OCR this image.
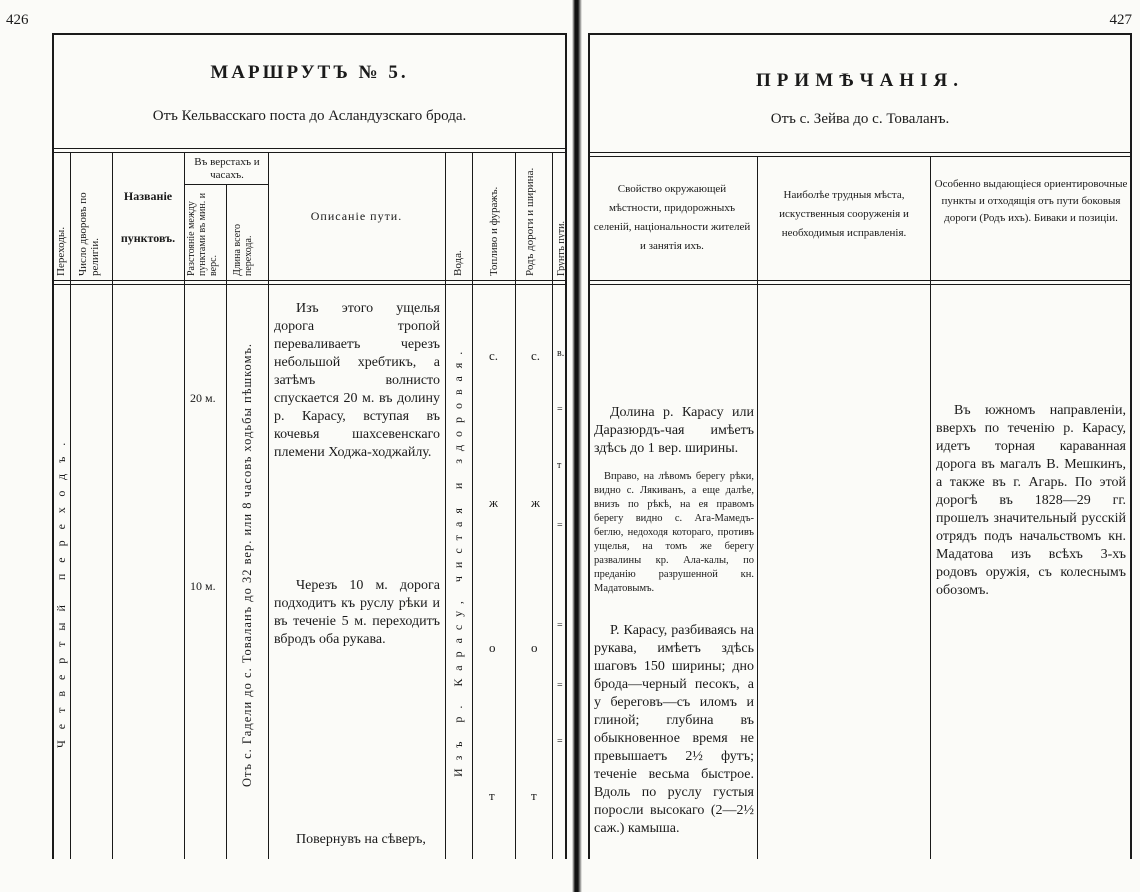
426
МАРШРУТЪ № 5.
Отъ Кельвасскаго поста до Асландузскаго брода.
Переходы. Число дворовъ по религіи.
Названіе
пунктовъ.
Въ верстахъ и часахъ.
Разстояніе между пунктами въ мин. и верс.	Длина всего перехода.
Описаніе пути.
Вода. Топливо и фуражъ. Родъ дороги и ширина.	Грунтъ пути.
Четвертый переходъ.
20 м.
10 м. Отъ с. Гадели до с. Товаланъ до 32 вер. или 8 часовъ ходьбы пѣшкомъ.
Изъ этого ущелья дорога тропой переваливаетъ черезъ небольшой хребтикъ, а затѣмъ волнисто спускается 20 м. въ долину р. Карасу, вступая въ кочевья шахсевенскаго племени Ходжа-ходжайлу.
Черезъ 10 м. дорога подходитъ къ руслу рѣки и въ теченіе 5 м. переходитъ вбродъ оба рукава.
Повернувъ на сѣверъ,
Изъ р. Карасу, чистая и здоровая. с.
ж
о
т
с.
ж
о
т
в.
=
т
=
=
=
=
427
ПРИМѢЧАНІЯ.
Отъ с. Зейва до с. Товаланъ.
Свойство окружающей мѣстности, придорожныхъ селеній, національности жителей и занятія ихъ.
Наиболѣе трудныя мѣста, искуственныя сооруженія и необходимыя исправленія.
Особенно выдающіеся ориентировочные пункты и отходящія отъ пути боковыя дороги (Родъ ихъ). Биваки и позиціи.
Долина р. Карасу или Даразюрдъ-чая имѣетъ здѣсь до 1 вер. ширины.
Вправо, на лѣвомъ берегу рѣки, видно с. Лякиванъ, а еще далѣе, внизъ по рѣкѣ, на ея правомъ берегу видно с. Ага-Мамедъ-беглю, недоходя котораго, противъ ущелья, на томъ же берегу развалины кр. Ала-калы, по преданію разрушенной кн. Мадатовымъ.
Р. Карасу, разбиваясь на рукава, имѣетъ здѣсь шаговъ 150 ширины; дно брода—черный песокъ, а у береговъ—съ иломъ и глиной; глубина въ обыкновенное время не превышаетъ 2½ футъ; теченіе весьма быстрое. Вдоль по руслу густыя поросли высокаго (2—2½ саж.) камыша.
Въ южномъ направленіи, вверхъ по теченію р. Карасу, идетъ торная караванная дорога въ магалъ В. Мешкинъ, а также въ г. Агарь. По этой дорогѣ въ 1828—29 гг. прошелъ значительный русскій отрядъ подъ начальствомъ кн. Мадатова изъ всѣхъ 3-хъ родовъ оружія, съ колеснымъ обозомъ.
